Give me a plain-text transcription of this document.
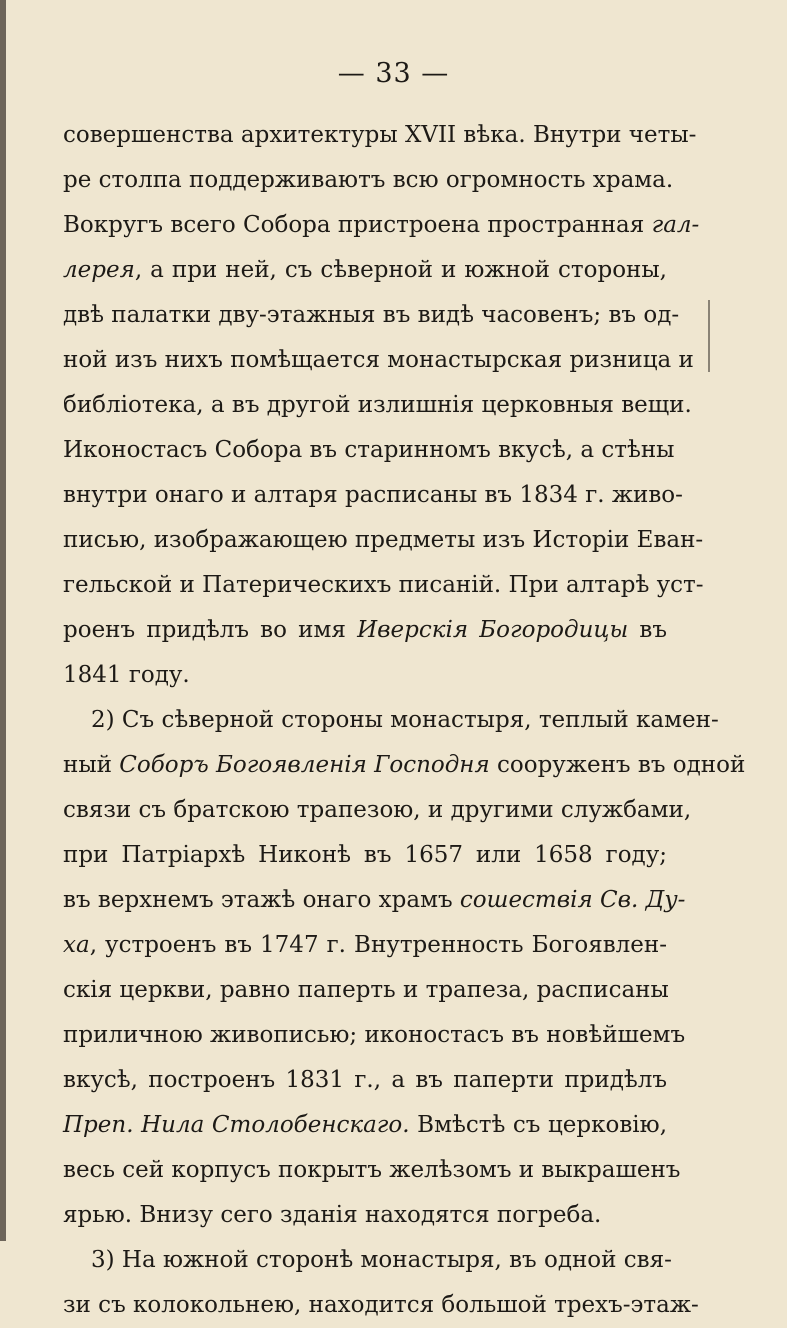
— 33 —
совершенства архитектуры XVII вѣка. Внутри четы-
ре столпа поддерживаютъ всю огромность храма.
Вокругъ всего Собора пристроена пространная гал-
лерея, а при ней, съ сѣверной и южной стороны,
двѣ палатки дву-этажныя въ видѣ часовенъ; въ од-
ной изъ нихъ помѣщается монастырская ризница и
библіотека, а въ другой излишнія церковныя вещи.
Иконостасъ Собора въ старинномъ вкусѣ, а стѣны
внутри онаго и алтаря расписаны въ 1834 г. живо-
писью, изображающею предметы изъ Исторіи Еван-
гельской и Патерическихъ писаній. При алтарѣ уст-
роенъ придѣлъ во имя Иверскія Богородицы въ
1841 году.
2) Съ сѣверной стороны монастыря, теплый камен-
ный Соборъ Богоявленія Господня сооруженъ въ одной
связи съ братскою трапезою, и другими службами,
при Патріархѣ Никонѣ въ 1657 или 1658 году;
въ верхнемъ этажѣ онаго храмъ сошествія Св. Ду-
ха, устроенъ въ 1747 г. Внутренность Богоявлен-
скія церкви, равно паперть и трапеза, расписаны
приличною живописью; иконостасъ въ новѣйшемъ
вкусѣ, построенъ 1831 г., а въ паперти придѣлъ
Преп. Нила Столобенскаго. Вмѣстѣ съ церковію,
весь сей корпусъ покрытъ желѣзомъ и выкрашенъ
ярью. Внизу сего зданія находятся погреба.
3) На южной сторонѣ монастыря, въ одной свя-
зи съ колокольнею, находится большой трехъ-этаж-
